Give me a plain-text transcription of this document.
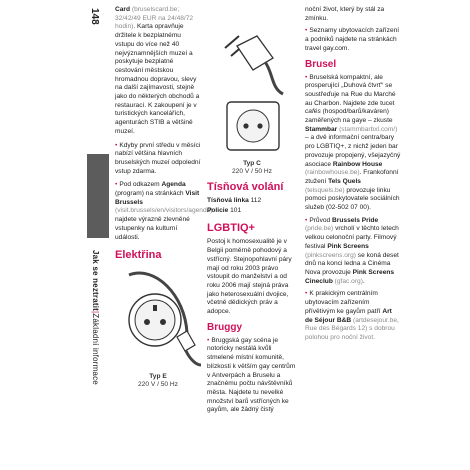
148
Jak se neztratit|Základní informace

Card (bruselscard.be; 32/42/49 EUR na 24/48/72 hodin). Karta opravňuje držitele k bezplatnému vstupu do více než 40 nejvýznamnějších muzeí a poskytuje bezplatné cestování městskou hromadnou dopravou, slevy na další zajímavosti, stejně jako do některých obchodů a restaurací. K zakoupení je v turistických kancelářích, agenturách STIB a většině muzeí.

• Kdyby první středu v měsíci nabízí většina hlavních bruselských muzeí odpolední vstup zdarma.

• Pod odkazem Agenda (program) na stránkách Visit Brussels (visit.brussels/en/visitors/agenda) najdete výrazně zlevněné vstupenky na kulturní události.

Elektřina
Typ E
220 V / 50 Hz
Typ C
220 V / 50 Hz
Tísňová volání

Tísňová linka 112

Policie 101

LGBTIQ+

Postoj k homosexualitě je v Belgii poměrně pohodový a vstřícný. Stejnopohlavní páry mají od roku 2003 právo vstoupit do manželství a od roku 2006 mají stejná práva jako heterosexuální dvojice, včetně dědických práv a adopce.

Bruggy

• Bruggská gay scéna je notoricky nestálá kvůli stmelené místní komunitě, blízkosti k větším gay centrům v Antverpách a Bruselu a značnému počtu návštěvníků města. Najdete tu nevelké množství barů vstřícných ke gayům, ale žádný čistý

noční život, který by stál za zmínku.

• Seznamy ubytovacích zařízení a podniků najdete na stránkách travel gay.com.

Brusel

• Bruselská kompaktní, ale prosperující „Duhová čtvrť“ se soustřeďuje na Rue du Marché au Charbon. Najdete zde tucet cafés (hospod/barů/kaváren) zaměřených na gaye – zkuste Stammbar (stammbarbxl.com/) – a dvě informační centra/bary pro LGBTIQ+, z nichž jeden bar provozuje propojený, všejazyčný asociace Rainbow House (rainbowhouse.be). Frankofonní ztužení Tels Quels (telsquels.be) provozuje linku pomoci poskytovatele sociálních služeb (02-502 07 00).

• Průvod Brussels Pride (pride.be) vrcholí v těchto letech velkou celonoční party. Filmový festival Pink Screens (pinkscreens.org) se koná deset dnů na konci ledna a Cinéma Nova provozuje Pink Screens Cineclub (gfac.org).

• K prakickým centrálním ubytovacím zařízením přívětivým ke gayům patří Art de Séjour B&B (artdesejour.be, Rue des Bégards 12) s dobrou polohou pro noční život.
